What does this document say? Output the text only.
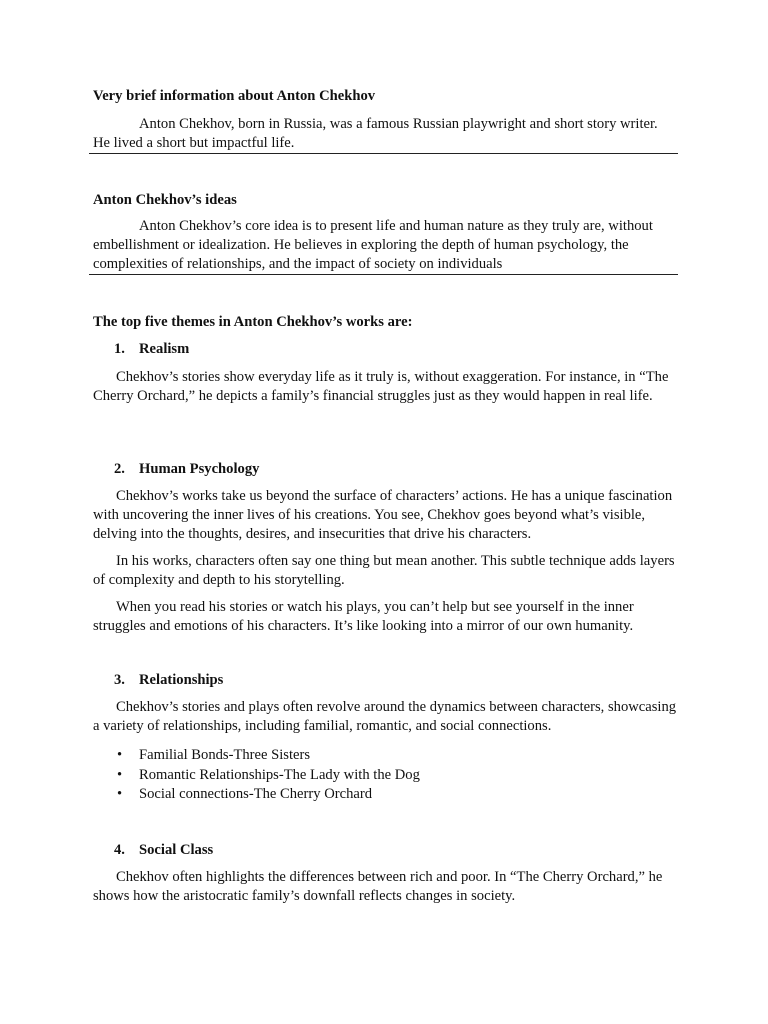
Very brief information about Anton Chekhov

Anton Chekhov, born in Russia, was a famous Russian playwright and short story writer. He lived a short but impactful life.

Anton Chekhov’s ideas

Anton Chekhov’s core idea is to present life and human nature as they truly are, without embellishment or idealization. He believes in exploring the depth of human psychology, the complexities of relationships, and the impact of society on individuals

The top five themes in Anton Chekhov’s works are:

1. Realism

Chekhov’s stories show everyday life as it truly is, without exaggeration. For instance, in “The Cherry Orchard,” he depicts a family’s financial struggles just as they would happen in real life.

2. Human Psychology

Chekhov’s works take us beyond the surface of characters’ actions. He has a unique fascination with uncovering the inner lives of his creations. You see, Chekhov goes beyond what’s visible, delving into the thoughts, desires, and insecurities that drive his characters.

In his works, characters often say one thing but mean another. This subtle technique adds layers of complexity and depth to his storytelling.

When you read his stories or watch his plays, you can’t help but see yourself in the inner struggles and emotions of his characters. It’s like looking into a mirror of our own humanity.

3. Relationships

Chekhov’s stories and plays often revolve around the dynamics between characters, showcasing a variety of relationships, including familial, romantic, and social connections.

• Familial Bonds-Three Sisters
• Romantic Relationships-The Lady with the Dog
• Social connections-The Cherry Orchard

4. Social Class

Chekhov often highlights the differences between rich and poor. In “The Cherry Orchard,” he shows how the aristocratic family’s downfall reflects changes in society.
